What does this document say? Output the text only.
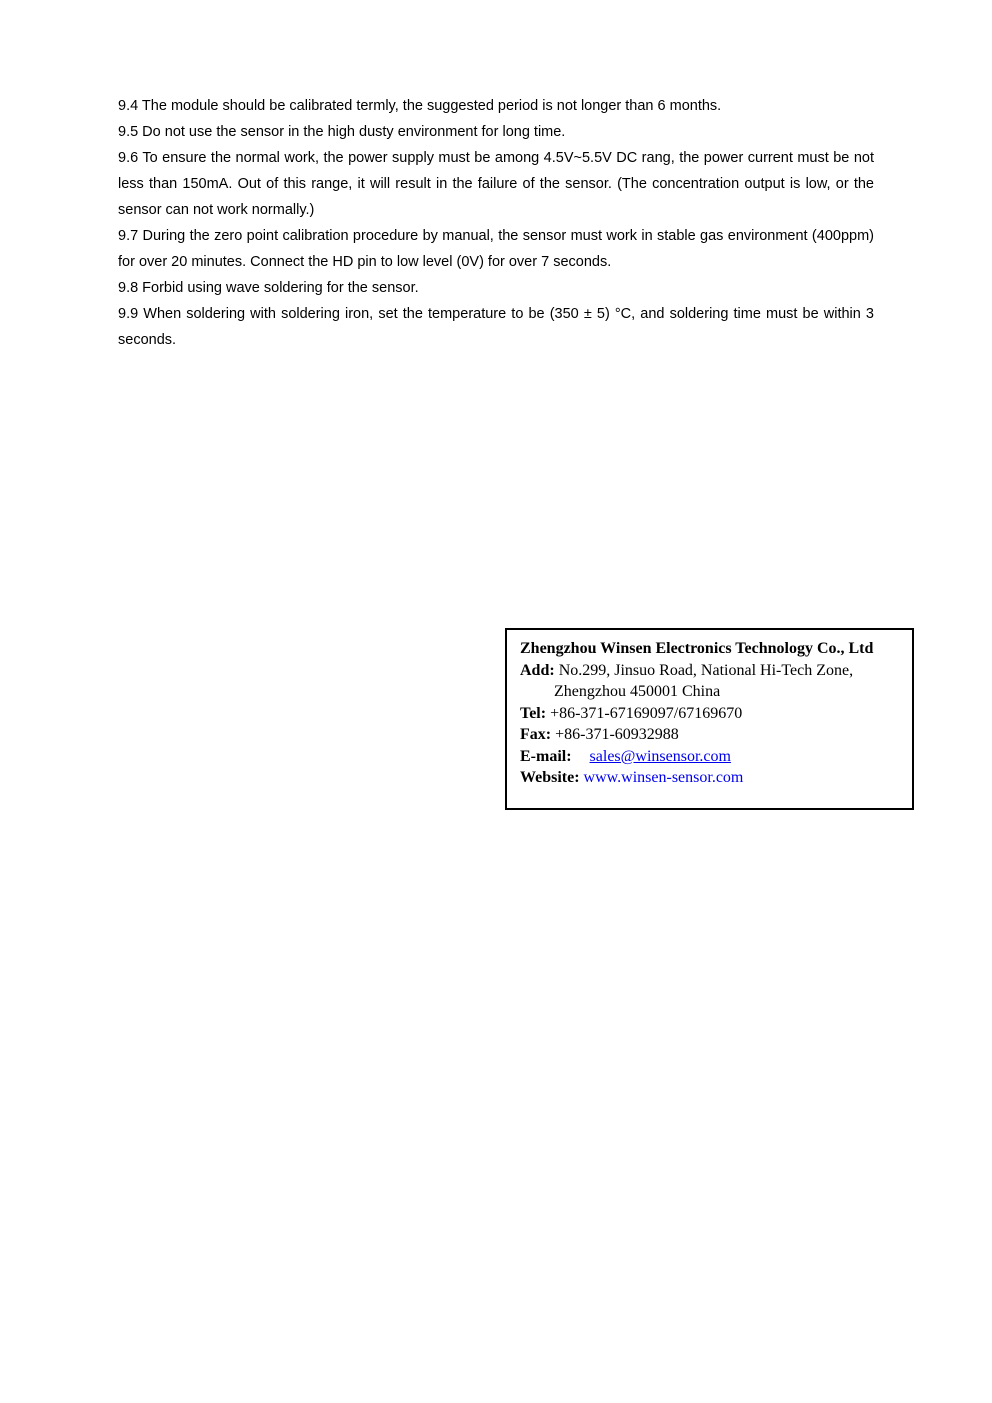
9.4 The module should be calibrated termly, the suggested period is not longer than 6 months.

9.5 Do not use the sensor in the high dusty environment for long time.

9.6 To ensure the normal work, the power supply must be among 4.5V~5.5V DC rang, the power current must be not less than 150mA. Out of this range, it will result in the failure of the sensor. (The concentration output is low, or the sensor can not work normally.)

9.7 During the zero point calibration procedure by manual, the sensor must work in stable gas environment (400ppm) for over 20 minutes. Connect the HD pin to low level (0V) for over 7 seconds.

9.8 Forbid using wave soldering for the sensor.

9.9 When soldering with soldering iron, set the temperature to be (350 ± 5) °C, and soldering time must be within 3 seconds.

Zhengzhou Winsen Electronics Technology Co., Ltd

Add: No.299, Jinsuo Road, National Hi-Tech Zone,

Zhengzhou 450001 China

Tel: +86-371-67169097/67169670

Fax: +86-371-60932988

E-mail: sales@winsensor.com

Website: www.winsen-sensor.com
